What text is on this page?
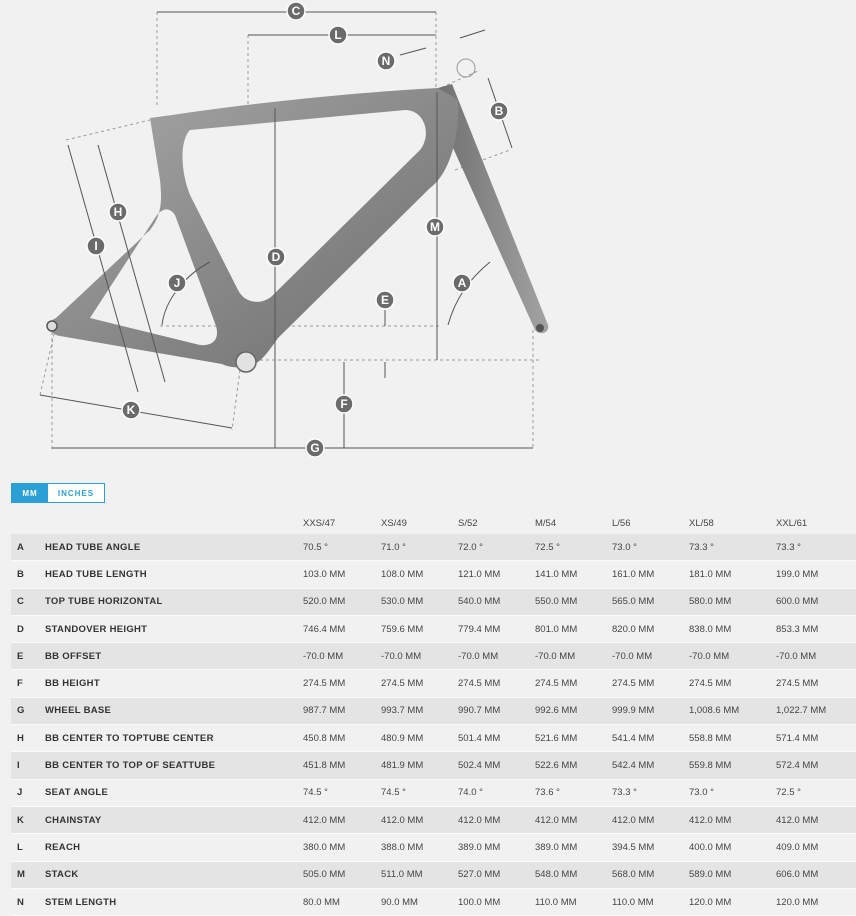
C
L
N
B
H
M
I
D
J	A
E
F
K
G
MM	INCHES
		XXS/47	XS/49	S/52	M/54	L/56	XL/58	XXL/61
A	HEAD TUBE ANGLE	70.5 °	71.0 °	72.0 °	72.5 °	73.0 °	73.3 °	73.3 °
B	HEAD TUBE LENGTH	103.0 MM	108.0 MM	121.0 MM	141.0 MM	161.0 MM	181.0 MM	199.0 MM
C	TOP TUBE HORIZONTAL	520.0 MM	530.0 MM	540.0 MM	550.0 MM	565.0 MM	580.0 MM	600.0 MM
D	STANDOVER HEIGHT	746.4 MM	759.6 MM	779.4 MM	801.0 MM	820.0 MM	838.0 MM	853.3 MM
E	BB OFFSET	-70.0 MM	-70.0 MM	-70.0 MM	-70.0 MM	-70.0 MM	-70.0 MM	-70.0 MM
F	BB HEIGHT	274.5 MM	274.5 MM	274.5 MM	274.5 MM	274.5 MM	274.5 MM	274.5 MM
G	WHEEL BASE	987.7 MM	993.7 MM	990.7 MM	992.6 MM	999.9 MM	1,008.6 MM	1,022.7 MM
H	BB CENTER TO TOPTUBE CENTER	450.8 MM	480.9 MM	501.4 MM	521.6 MM	541.4 MM	558.8 MM	571.4 MM
I	BB CENTER TO TOP OF SEATTUBE	451.8 MM	481.9 MM	502.4 MM	522.6 MM	542.4 MM	559.8 MM	572.4 MM
J	SEAT ANGLE	74.5 °	74.5 °	74.0 °	73.6 °	73.3 °	73.0 °	72.5 °
K	CHAINSTAY	412.0 MM	412.0 MM	412.0 MM	412.0 MM	412.0 MM	412.0 MM	412.0 MM
L	REACH	380.0 MM	388.0 MM	389.0 MM	389.0 MM	394.5 MM	400.0 MM	409.0 MM
M	STACK	505.0 MM	511.0 MM	527.0 MM	548.0 MM	568.0 MM	589.0 MM	606.0 MM
N	STEM LENGTH	80.0 MM	90.0 MM	100.0 MM	110.0 MM	110.0 MM	120.0 MM	120.0 MM
